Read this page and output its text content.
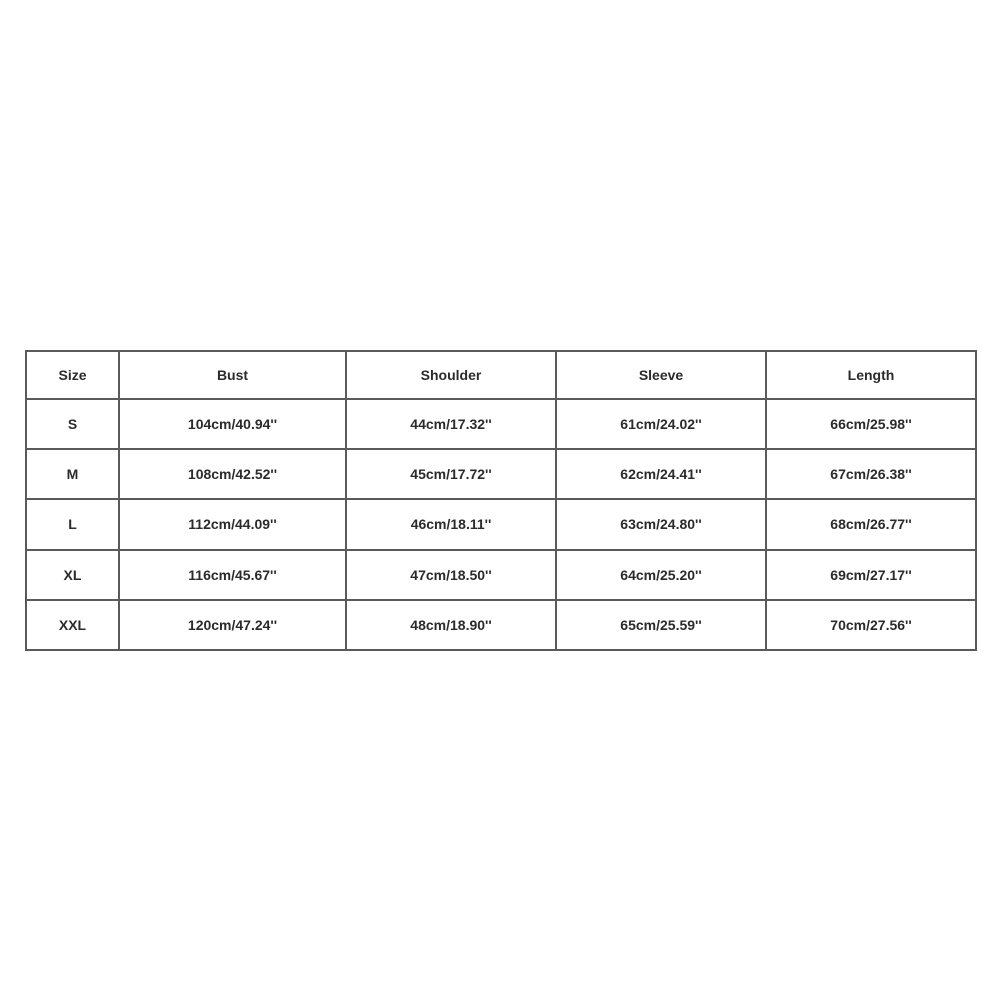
Size	Bust	Shoulder	Sleeve	Length
S	104cm/40.94''	44cm/17.32''	61cm/24.02''	66cm/25.98''
M	108cm/42.52''	45cm/17.72''	62cm/24.41''	67cm/26.38''
L	112cm/44.09''	46cm/18.11''	63cm/24.80''	68cm/26.77''
XL	116cm/45.67''	47cm/18.50''	64cm/25.20''	69cm/27.17''
XXL	120cm/47.24''	48cm/18.90''	65cm/25.59''	70cm/27.56''
